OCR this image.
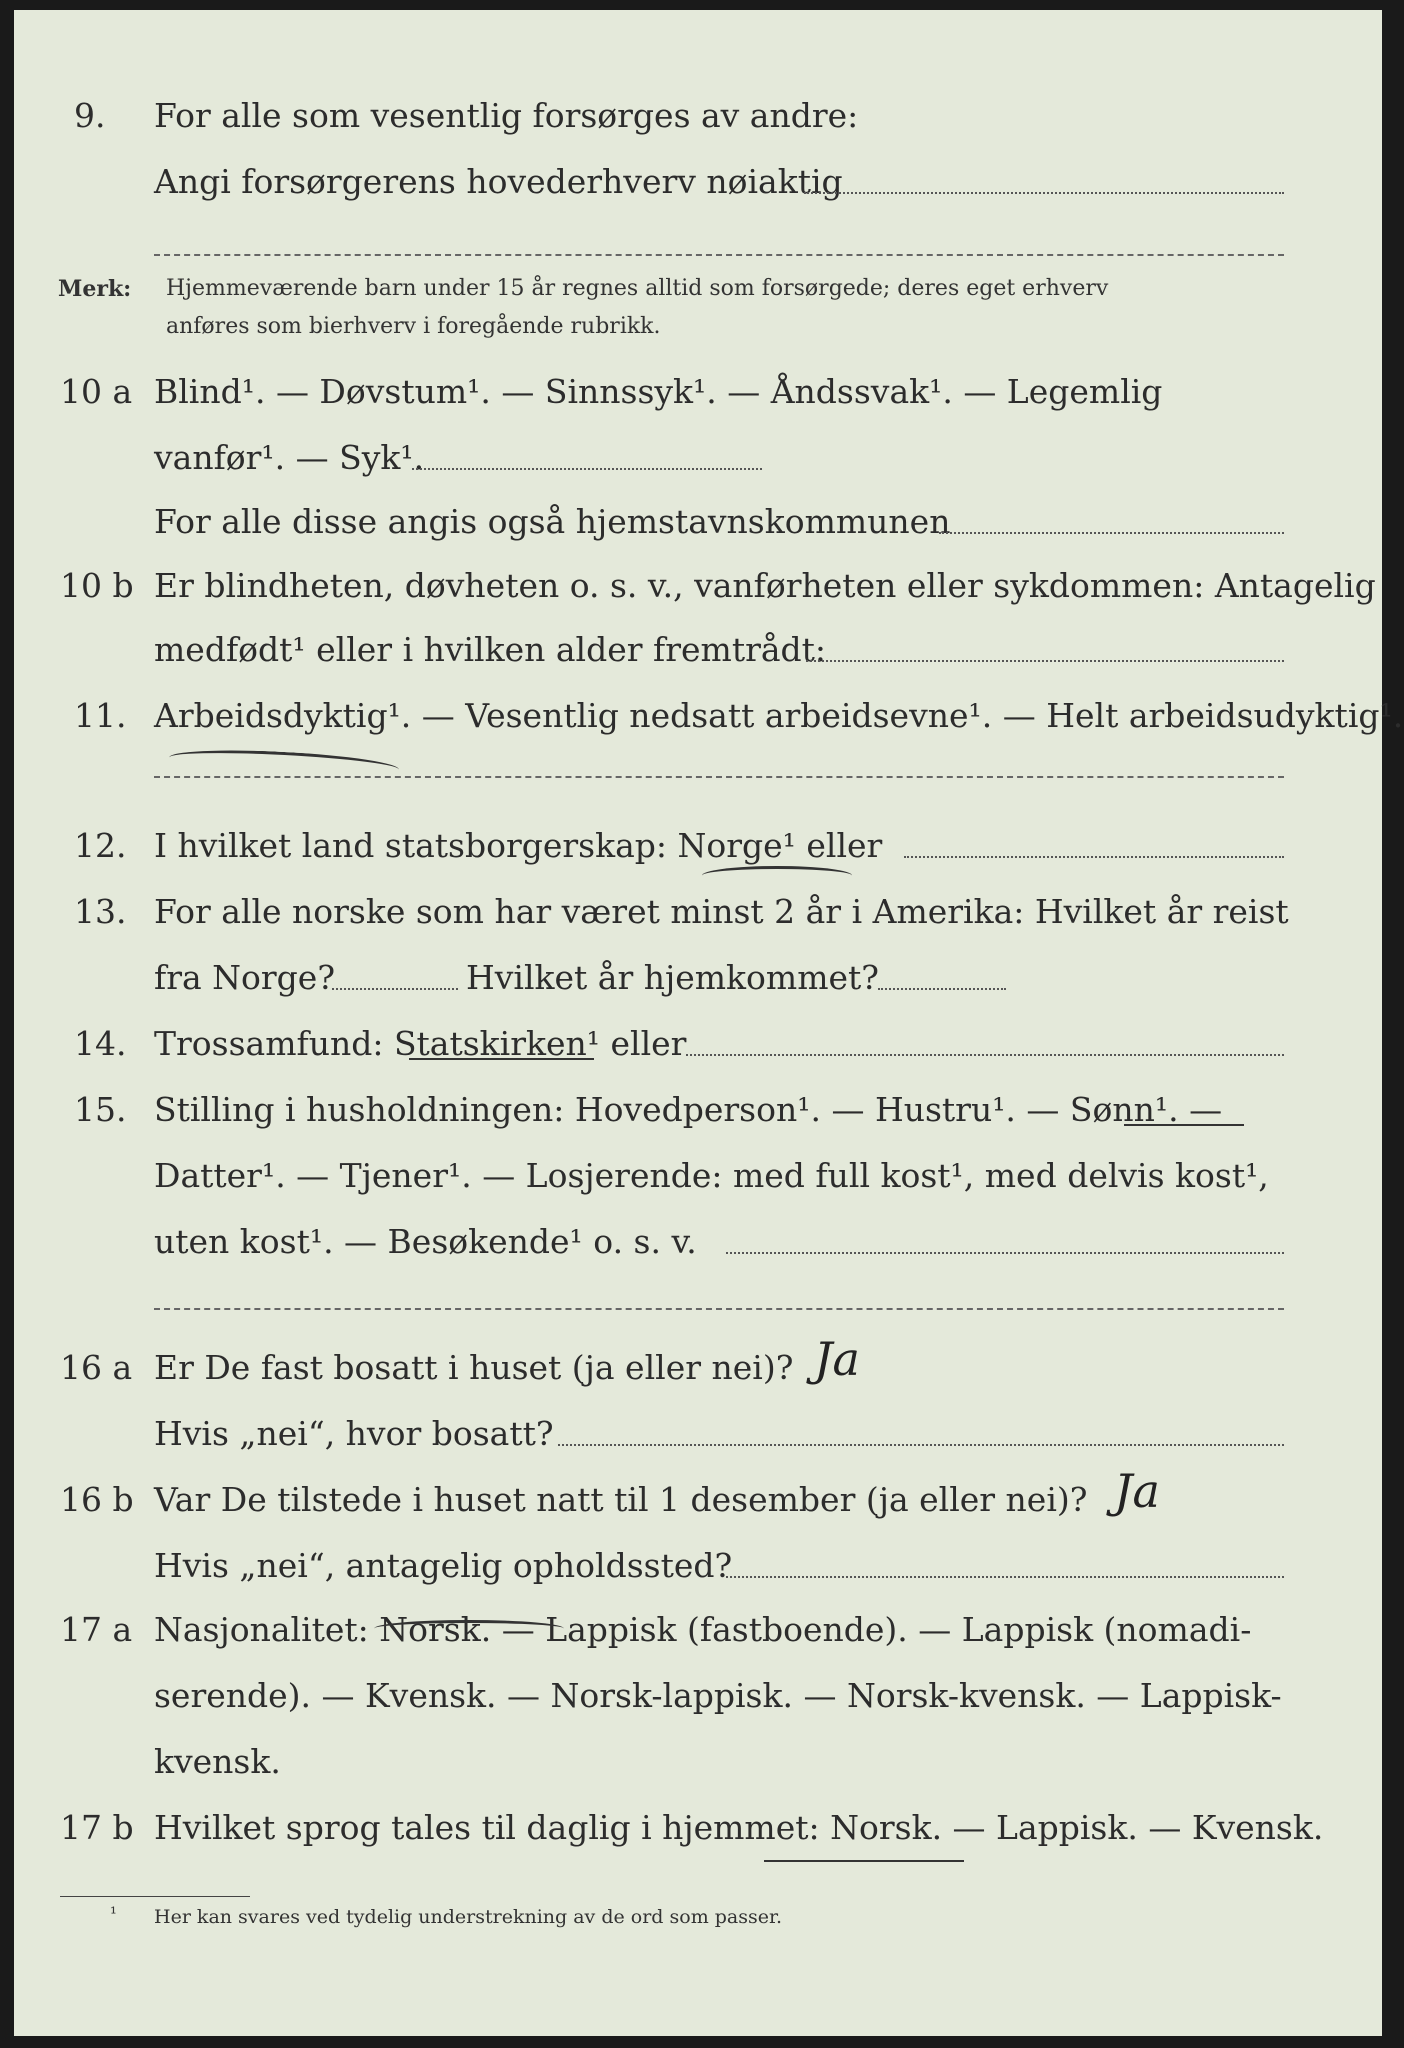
9. For alle som vesentlig forsørges av andre:
Angi forsørgerens hovederhverv nøiaktig
Merk: Hjemmeværende barn under 15 år regnes alltid som forsørgede; deres eget erhverv
anføres som bierhverv i foregående rubrikk.
10 a Blind¹. — Døvstum¹. — Sinnssyk¹. — Åndssvak¹. — Legemlig
vanfør¹. — Syk¹.
For alle disse angis også hjemstavnskommunen
10 b Er blindheten, døvheten o. s. v., vanførheten eller sykdommen: Antagelig
medfødt¹ eller i hvilken alder fremtrådt:
11. Arbeidsdyktig¹. — Vesentlig nedsatt arbeidsevne¹. — Helt arbeidsudyktig¹.
12. I hvilket land statsborgerskap: Norge¹ eller
13. For alle norske som har været minst 2 år i Amerika: Hvilket år reist
fra Norge?	Hvilket år hjemkommet?
14. Trossamfund: Statskirken¹ eller
15. Stilling i husholdningen: Hovedperson¹. — Hustru¹. — Sønn¹. —
Datter¹. — Tjener¹. — Losjerende: med full kost¹, med delvis kost¹,
uten kost¹. — Besøkende¹ o. s. v.
16 a Er De fast bosatt i huset (ja eller nei)? Ja
Hvis „nei“, hvor bosatt?
16 b Var De tilstede i huset natt til 1 desember (ja eller nei)? Ja
Hvis „nei“, antagelig opholdssted?
17 a Nasjonalitet: Norsk. — Lappisk (fastboende). — Lappisk (nomadi-
serende). — Kvensk. — Norsk-lappisk. — Norsk-kvensk. — Lappisk-
kvensk.
17 b Hvilket sprog tales til daglig i hjemmet: Norsk. — Lappisk. — Kvensk.
¹ Her kan svares ved tydelig understrekning av de ord som passer.
